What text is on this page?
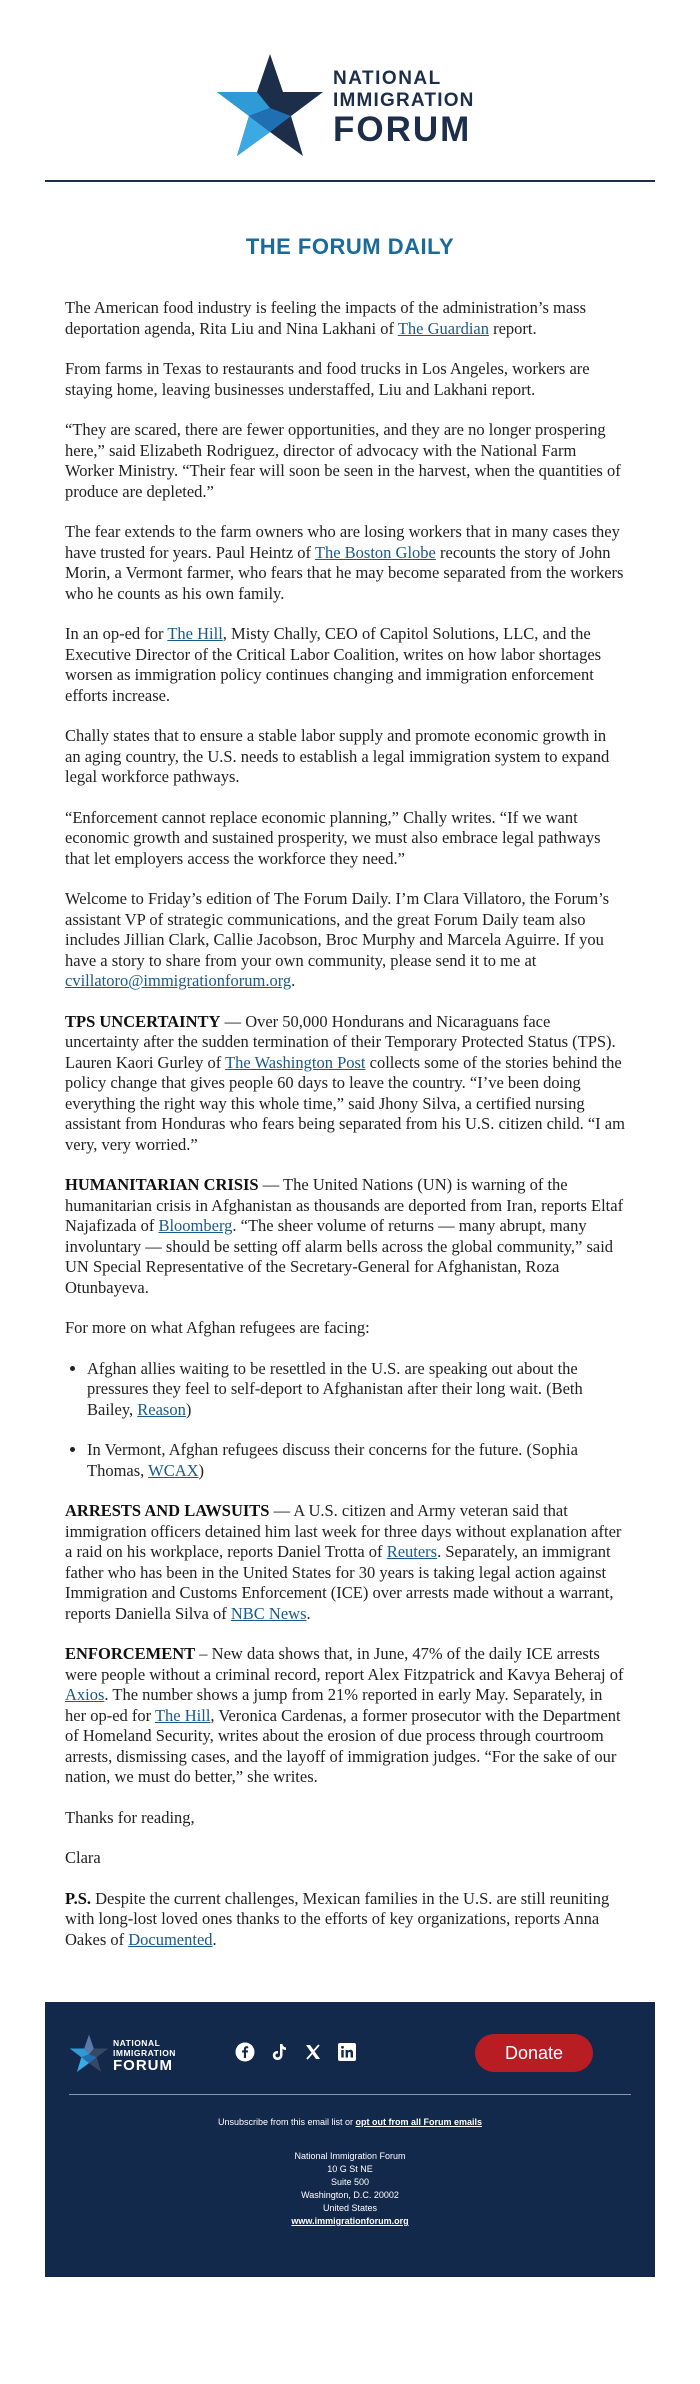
NATIONAL
IMMIGRATION
FORUM
THE FORUM DAILY

The American food industry is feeling the impacts of the administration’s mass deportation agenda, Rita Liu and Nina Lakhani of The Guardian report.

From farms in Texas to restaurants and food trucks in Los Angeles, workers are staying home, leaving businesses understaffed, Liu and Lakhani report.

“They are scared, there are fewer opportunities, and they are no longer prospering here,” said Elizabeth Rodriguez, director of advocacy with the National Farm Worker Ministry. “Their fear will soon be seen in the harvest, when the quantities of produce are depleted.”

The fear extends to the farm owners who are losing workers that in many cases they have trusted for years. Paul Heintz of The Boston Globe recounts the story of John Morin, a Vermont farmer, who fears that he may become separated from the workers who he counts as his own family.

In an op-ed for The Hill, Misty Chally, CEO of Capitol Solutions, LLC, and the Executive Director of the Critical Labor Coalition, writes on how labor shortages worsen as immigration policy continues changing and immigration enforcement efforts increase.

Chally states that to ensure a stable labor supply and promote economic growth in an aging country, the U.S. needs to establish a legal immigration system to expand legal workforce pathways.

“Enforcement cannot replace economic planning,” Chally writes. “If we want economic growth and sustained prosperity, we must also embrace legal pathways that let employers access the workforce they need.”

Welcome to Friday’s edition of The Forum Daily. I’m Clara Villatoro, the Forum’s assistant VP of strategic communications, and the great Forum Daily team also includes Jillian Clark, Callie Jacobson, Broc Murphy and Marcela Aguirre. If you have a story to share from your own community, please send it to me at cvillatoro@immigrationforum.org.

TPS UNCERTAINTY — Over 50,000 Hondurans and Nicaraguans face uncertainty after the sudden termination of their Temporary Protected Status (TPS). Lauren Kaori Gurley of The Washington Post collects some of the stories behind the policy change that gives people 60 days to leave the country. “I’ve been doing everything the right way this whole time,” said Jhony Silva, a certified nursing assistant from Honduras who fears being separated from his U.S. citizen child. “I am very, very worried.”

HUMANITARIAN CRISIS — The United Nations (UN) is warning of the humanitarian crisis in Afghanistan as thousands are deported from Iran, reports Eltaf Najafizada of Bloomberg. “The sheer volume of returns — many abrupt, many involuntary — should be setting off alarm bells across the global community,” said UN Special Representative of the Secretary-General for Afghanistan, Roza Otunbayeva.

For more on what Afghan refugees are facing:

• Afghan allies waiting to be resettled in the U.S. are speaking out about the pressures they feel to self-deport to Afghanistan after their long wait. (Beth Bailey, Reason)
• In Vermont, Afghan refugees discuss their concerns for the future. (Sophia Thomas, WCAX)

ARRESTS AND LAWSUITS — A U.S. citizen and Army veteran said that immigration officers detained him last week for three days without explanation after a raid on his workplace, reports Daniel Trotta of Reuters. Separately, an immigrant father who has been in the United States for 30 years is taking legal action against Immigration and Customs Enforcement (ICE) over arrests made without a warrant, reports Daniella Silva of NBC News.

ENFORCEMENT – New data shows that, in June, 47% of the daily ICE arrests were people without a criminal record, report Alex Fitzpatrick and Kavya Beheraj of Axios. The number shows a jump from 21% reported in early May. Separately, in her op-ed for The Hill, Veronica Cardenas, a former prosecutor with the Department of Homeland Security, writes about the erosion of due process through courtroom arrests, dismissing cases, and the layoff of immigration judges. “For the sake of our nation, we must do better,” she writes.

Thanks for reading,

Clara

P.S. Despite the current challenges, Mexican families in the U.S. are still reuniting with long-lost loved ones thanks to the efforts of key organizations, reports Anna Oakes of Documented.

NATIONAL
IMMIGRATION
FORUM
Donate
Unsubscribe from this email list or opt out from all Forum emails
National Immigration Forum
10 G St NE
Suite 500
Washington, D.C. 20002
United States
www.immigrationforum.org
